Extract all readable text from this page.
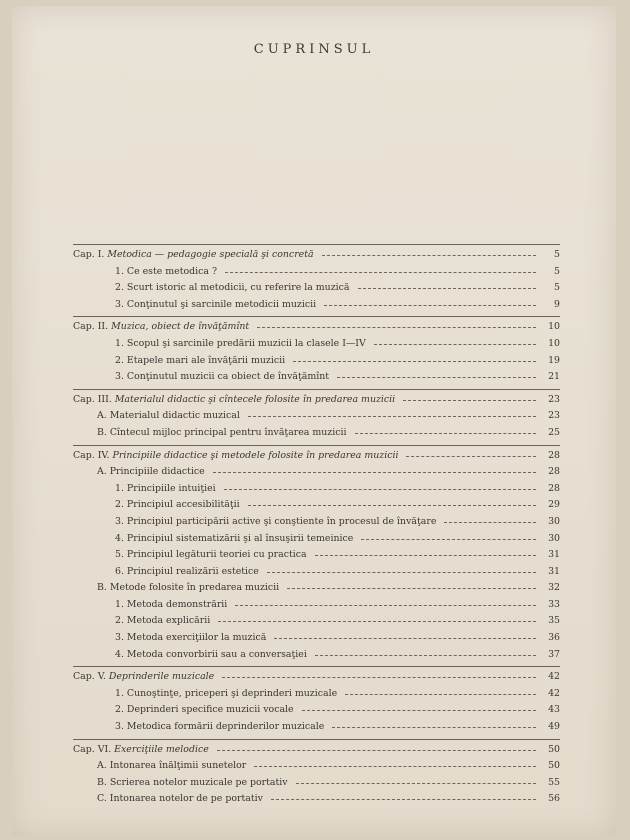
CUPRINSUL
Cap. I. Metodica — pedagogie specială şi concretă	5
1. Ce este metodica ?	5
2. Scurt istoric al metodicii, cu referire la muzică	5
3. Conţinutul şi sarcinile metodicii muzicii	9
Cap. II. Muzica, obiect de învăţămînt	10
1. Scopul şi sarcinile predării muzicii la clasele I—IV	10
2. Etapele mari ale învăţării muzicii	19
3. Conţinutul muzicii ca obiect de învăţămînt	21
Cap. III. Materialul didactic şi cîntecele folosite în predarea muzicii	23
A. Materialul didactic muzical	23
B. Cîntecul mijloc principal pentru învăţarea muzicii	25
Cap. IV. Principiile didactice şi metodele folosite în predarea muzicii	28
A. Principiile didactice	28
1. Principiile intuiţiei	28
2. Principiul accesibilităţii	29
3. Principiul participării active şi conştiente în procesul de învăţare	30
4. Principiul sistematizării şi al însuşirii temeinice	30
5. Principiul legăturii teoriei cu practica	31
6. Principiul realizării estetice	31
B. Metode folosite în predarea muzicii	32
1. Metoda demonstrării	33
2. Metoda explicării	35
3. Metoda exerciţiilor la muzică	36
4. Metoda convorbirii sau a conversaţiei	37
Cap. V. Deprinderile muzicale	42
1. Cunoştinţe, priceperi şi deprinderi muzicale	42
2. Deprinderi specifice muzicii vocale	43
3. Metodica formării deprinderilor muzicale	49
Cap. VI. Exerciţiile melodice	50
A. Intonarea înălţimii sunetelor	50
B. Scrierea notelor muzicale pe portativ	55
C. Intonarea notelor de pe portativ	56
